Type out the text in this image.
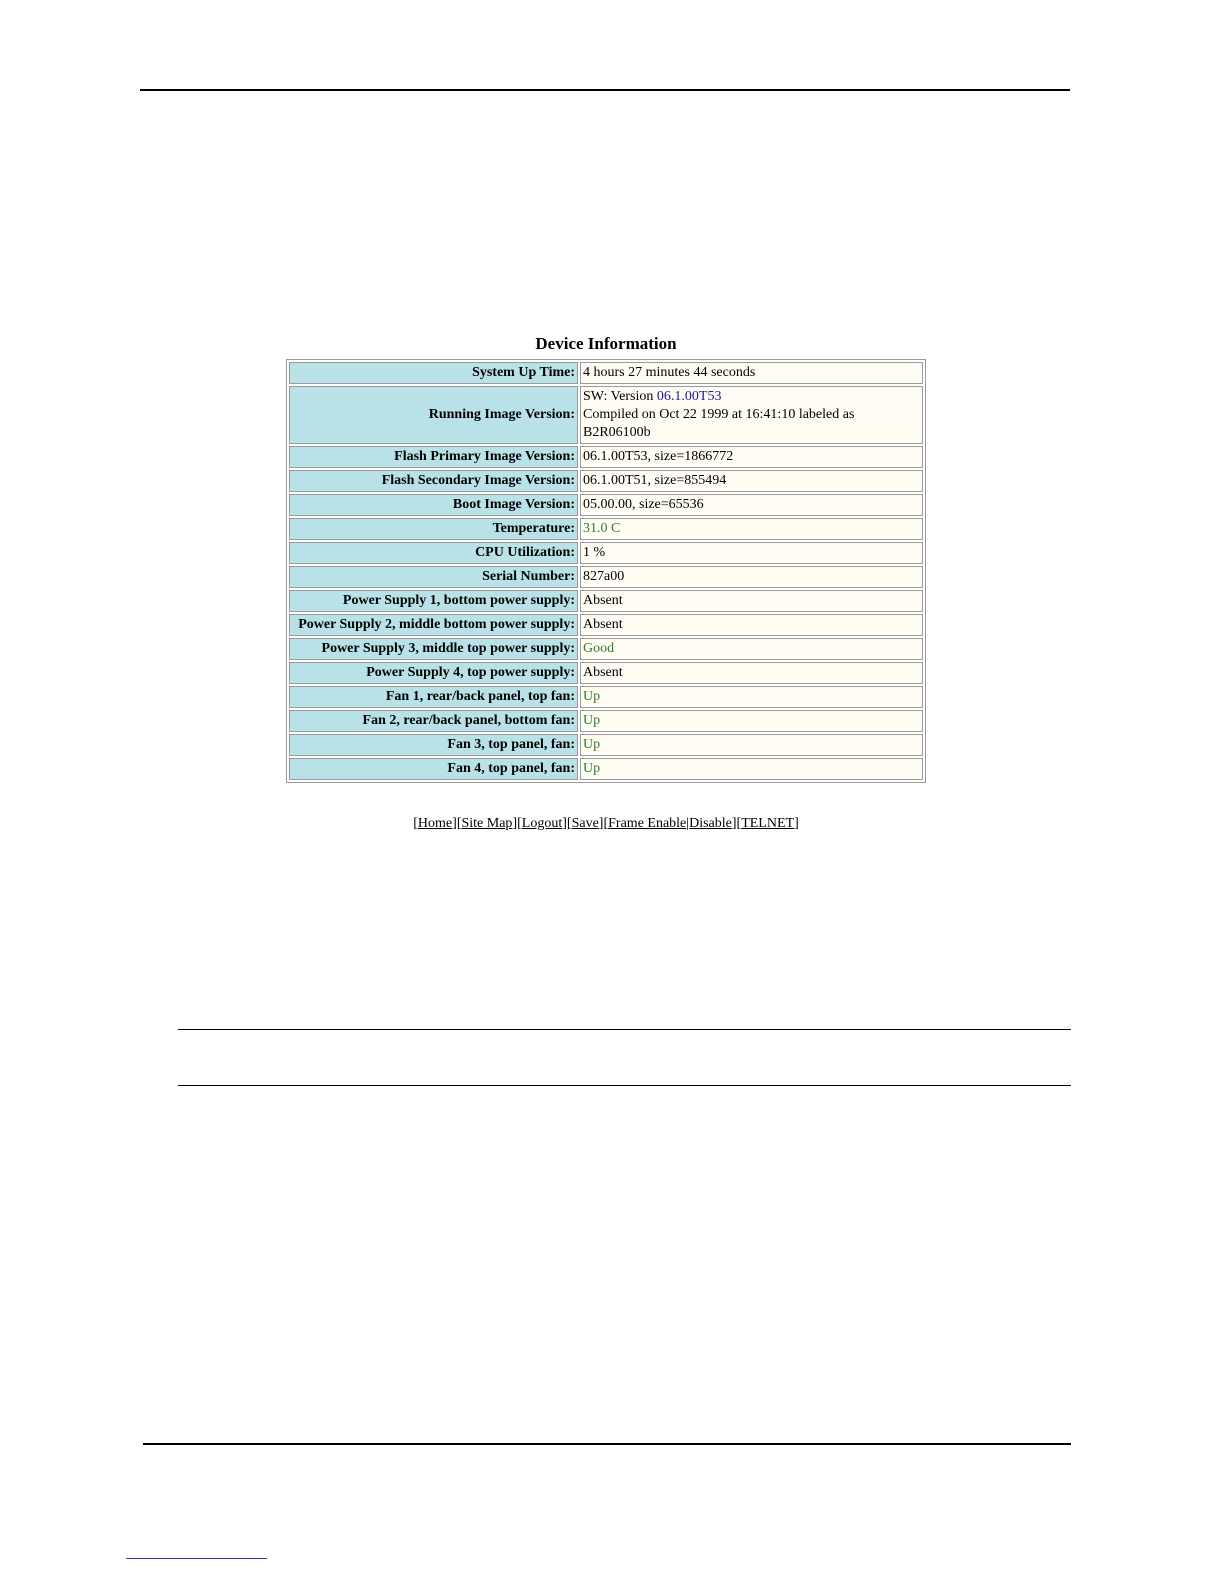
Device Information
System Up Time:	4 hours 27 minutes 44 seconds
Running Image Version:	SW: Version 06.1.00T53
Compiled on Oct 22 1999 at 16:41:10 labeled as
B2R06100b
Flash Primary Image Version:	06.1.00T53, size=1866772
Flash Secondary Image Version:	06.1.00T51, size=855494
Boot Image Version:	05.00.00, size=65536
Temperature:	31.0 C
CPU Utilization:	1 %
Serial Number:	827a00
Power Supply 1, bottom power supply:	Absent
Power Supply 2, middle bottom power supply:	Absent
Power Supply 3, middle top power supply:	Good
Power Supply 4, top power supply:	Absent
Fan 1, rear/back panel, top fan:	Up
Fan 2, rear/back panel, bottom fan:	Up
Fan 3, top panel, fan:	Up
Fan 4, top panel, fan:	Up
[Home][Site Map][Logout][Save][Frame Enable|Disable][TELNET]
